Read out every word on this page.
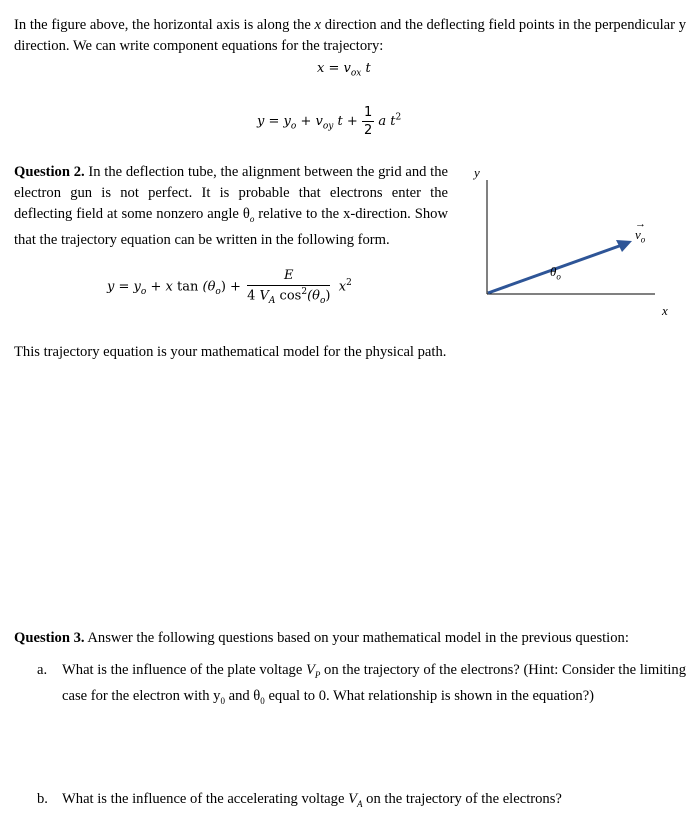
In the figure above, the horizontal axis is along the x direction and the deflecting field points in the perpendicular y direction. We can write component equations for the trajectory:
$x = v_{ox}$ t
$y = y_o + v_{oy}$ $t + \frac{1}{2}$ a $t^2$
Question 2. In the deflection tube, the alignment between the grid and the electron gun is not perfect. It is probable that electrons enter the deflecting field at some nonzero angle $\theta_o$ relative to the x-direction. Show that the trajectory equation can be written in the following form.
$y = y_o + x$ $\tan (\theta_o) + \frac{E}{4 V_A \cos^2(\theta_o)} x^2$
y
x
→
$v_o$
$\theta_o$
This trajectory equation is your mathematical model for the physical path.
Question 3. Answer the following questions based on your mathematical model in the previous question:
a. What is the influence of the plate voltage $V_P$ on the trajectory of the electrons? (Hint: Consider the limiting case for the electron with $y_0$ and $\theta_0$ equal to 0. What relationship is shown in the equation?)
b. What is the influence of the accelerating voltage $V_A$ on the trajectory of the electrons?
